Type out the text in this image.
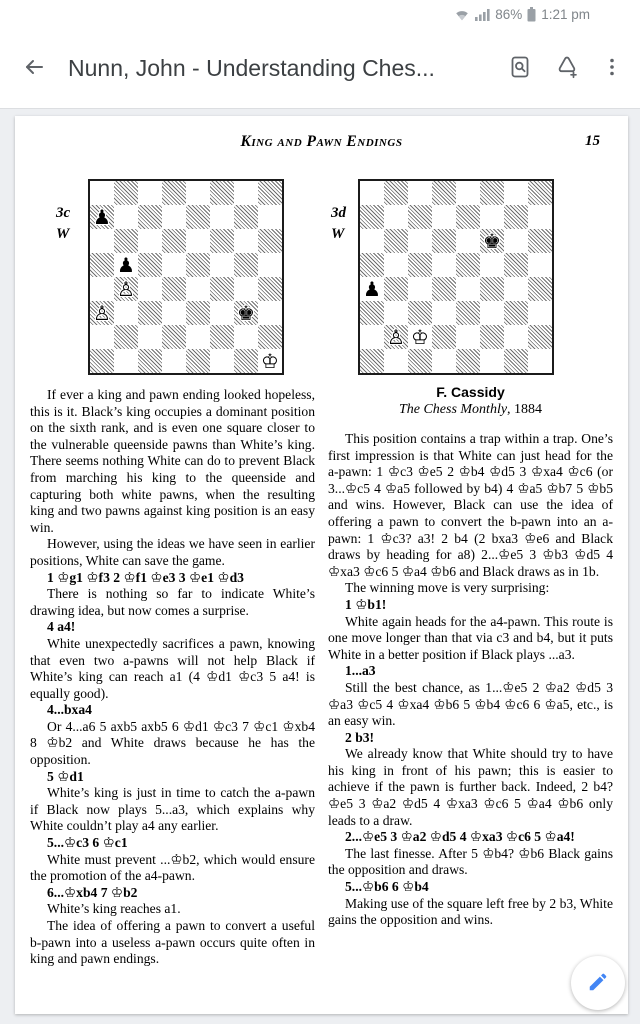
86% 1:21 pm
Nunn, John - Understanding Ches...
King and Pawn Endings	15
3c
W
♟
♟
♙
♙	♚
♔

If ever a king and pawn ending looked hopeless, this is it. Black’s king occupies a dominant position on the sixth rank, and is even one square closer to the vulnerable queenside pawns than White’s king. There seems nothing White can do to prevent Black from marching his king to the queenside and capturing both white pawns, when the resulting king and two pawns against king position is an easy win.

However, using the ideas we have seen in earlier positions, White can save the game.

1 ♔g1 ♔f3 2 ♔f1 ♔e3 3 ♔e1 ♔d3

There is nothing so far to indicate White’s drawing idea, but now comes a surprise.

4 a4!

White unexpectedly sacrifices a pawn, knowing that even two a-pawns will not help Black if White’s king can reach a1 (4 ♔d1 ♔c3 5 a4! is equally good).

4...bxa4

Or 4...a6 5 axb5 axb5 6 ♔d1 ♔c3 7 ♔c1 ♔xb4 8 ♔b2 and White draws because he has the opposition.

5 ♔d1

White’s king is just in time to catch the a-pawn if Black now plays 5...a3, which explains why White couldn’t play a4 any earlier.

5...♔c3 6 ♔c1

White must prevent ...♔b2, which would ensure the promotion of the a4-pawn.

6...♔xb4 7 ♔b2

White’s king reaches a1.

The idea of offering a pawn to convert a useful b-pawn into a useless a-pawn occurs quite often in king and pawn endings.

3d
W	♚
♟
♙ ♔
F. Cassidy
The Chess Monthly, 1884

This position contains a trap within a trap. One’s first impression is that White can just head for the a-pawn: 1 ♔c3 ♔e5 2 ♔b4 ♔d5 3 ♔xa4 ♔c6 (or 3...♔c5 4 ♔a5 followed by b4) 4 ♔a5 ♔b7 5 ♔b5 and wins. However, Black can use the idea of offering a pawn to convert the b-pawn into an a-pawn: 1 ♔c3? a3! 2 b4 (2 bxa3 ♔e6 and Black draws by heading for a8) 2...♔e5 3 ♔b3 ♔d5 4 ♔xa3 ♔c6 5 ♔a4 ♔b6 and Black draws as in 1b.

The winning move is very surprising:

1 ♔b1!

White again heads for the a4-pawn. This route is one move longer than that via c3 and b4, but it puts White in a better position if Black plays ...a3.

1...a3

Still the best chance, as 1...♔e5 2 ♔a2 ♔d5 3 ♔a3 ♔c5 4 ♔xa4 ♔b6 5 ♔b4 ♔c6 6 ♔a5, etc., is an easy win.

2 b3!

We already know that White should try to have his king in front of his pawn; this is easier to achieve if the pawn is further back. Indeed, 2 b4? ♔e5 3 ♔a2 ♔d5 4 ♔xa3 ♔c6 5 ♔a4 ♔b6 only leads to a draw.

2...♔e5 3 ♔a2 ♔d5 4 ♔xa3 ♔c6 5 ♔a4!

The last finesse. After 5 ♔b4? ♔b6 Black gains the opposition and draws.

5...♔b6 6 ♔b4

Making use of the square left free by 2 b3, White gains the opposition and wins.
